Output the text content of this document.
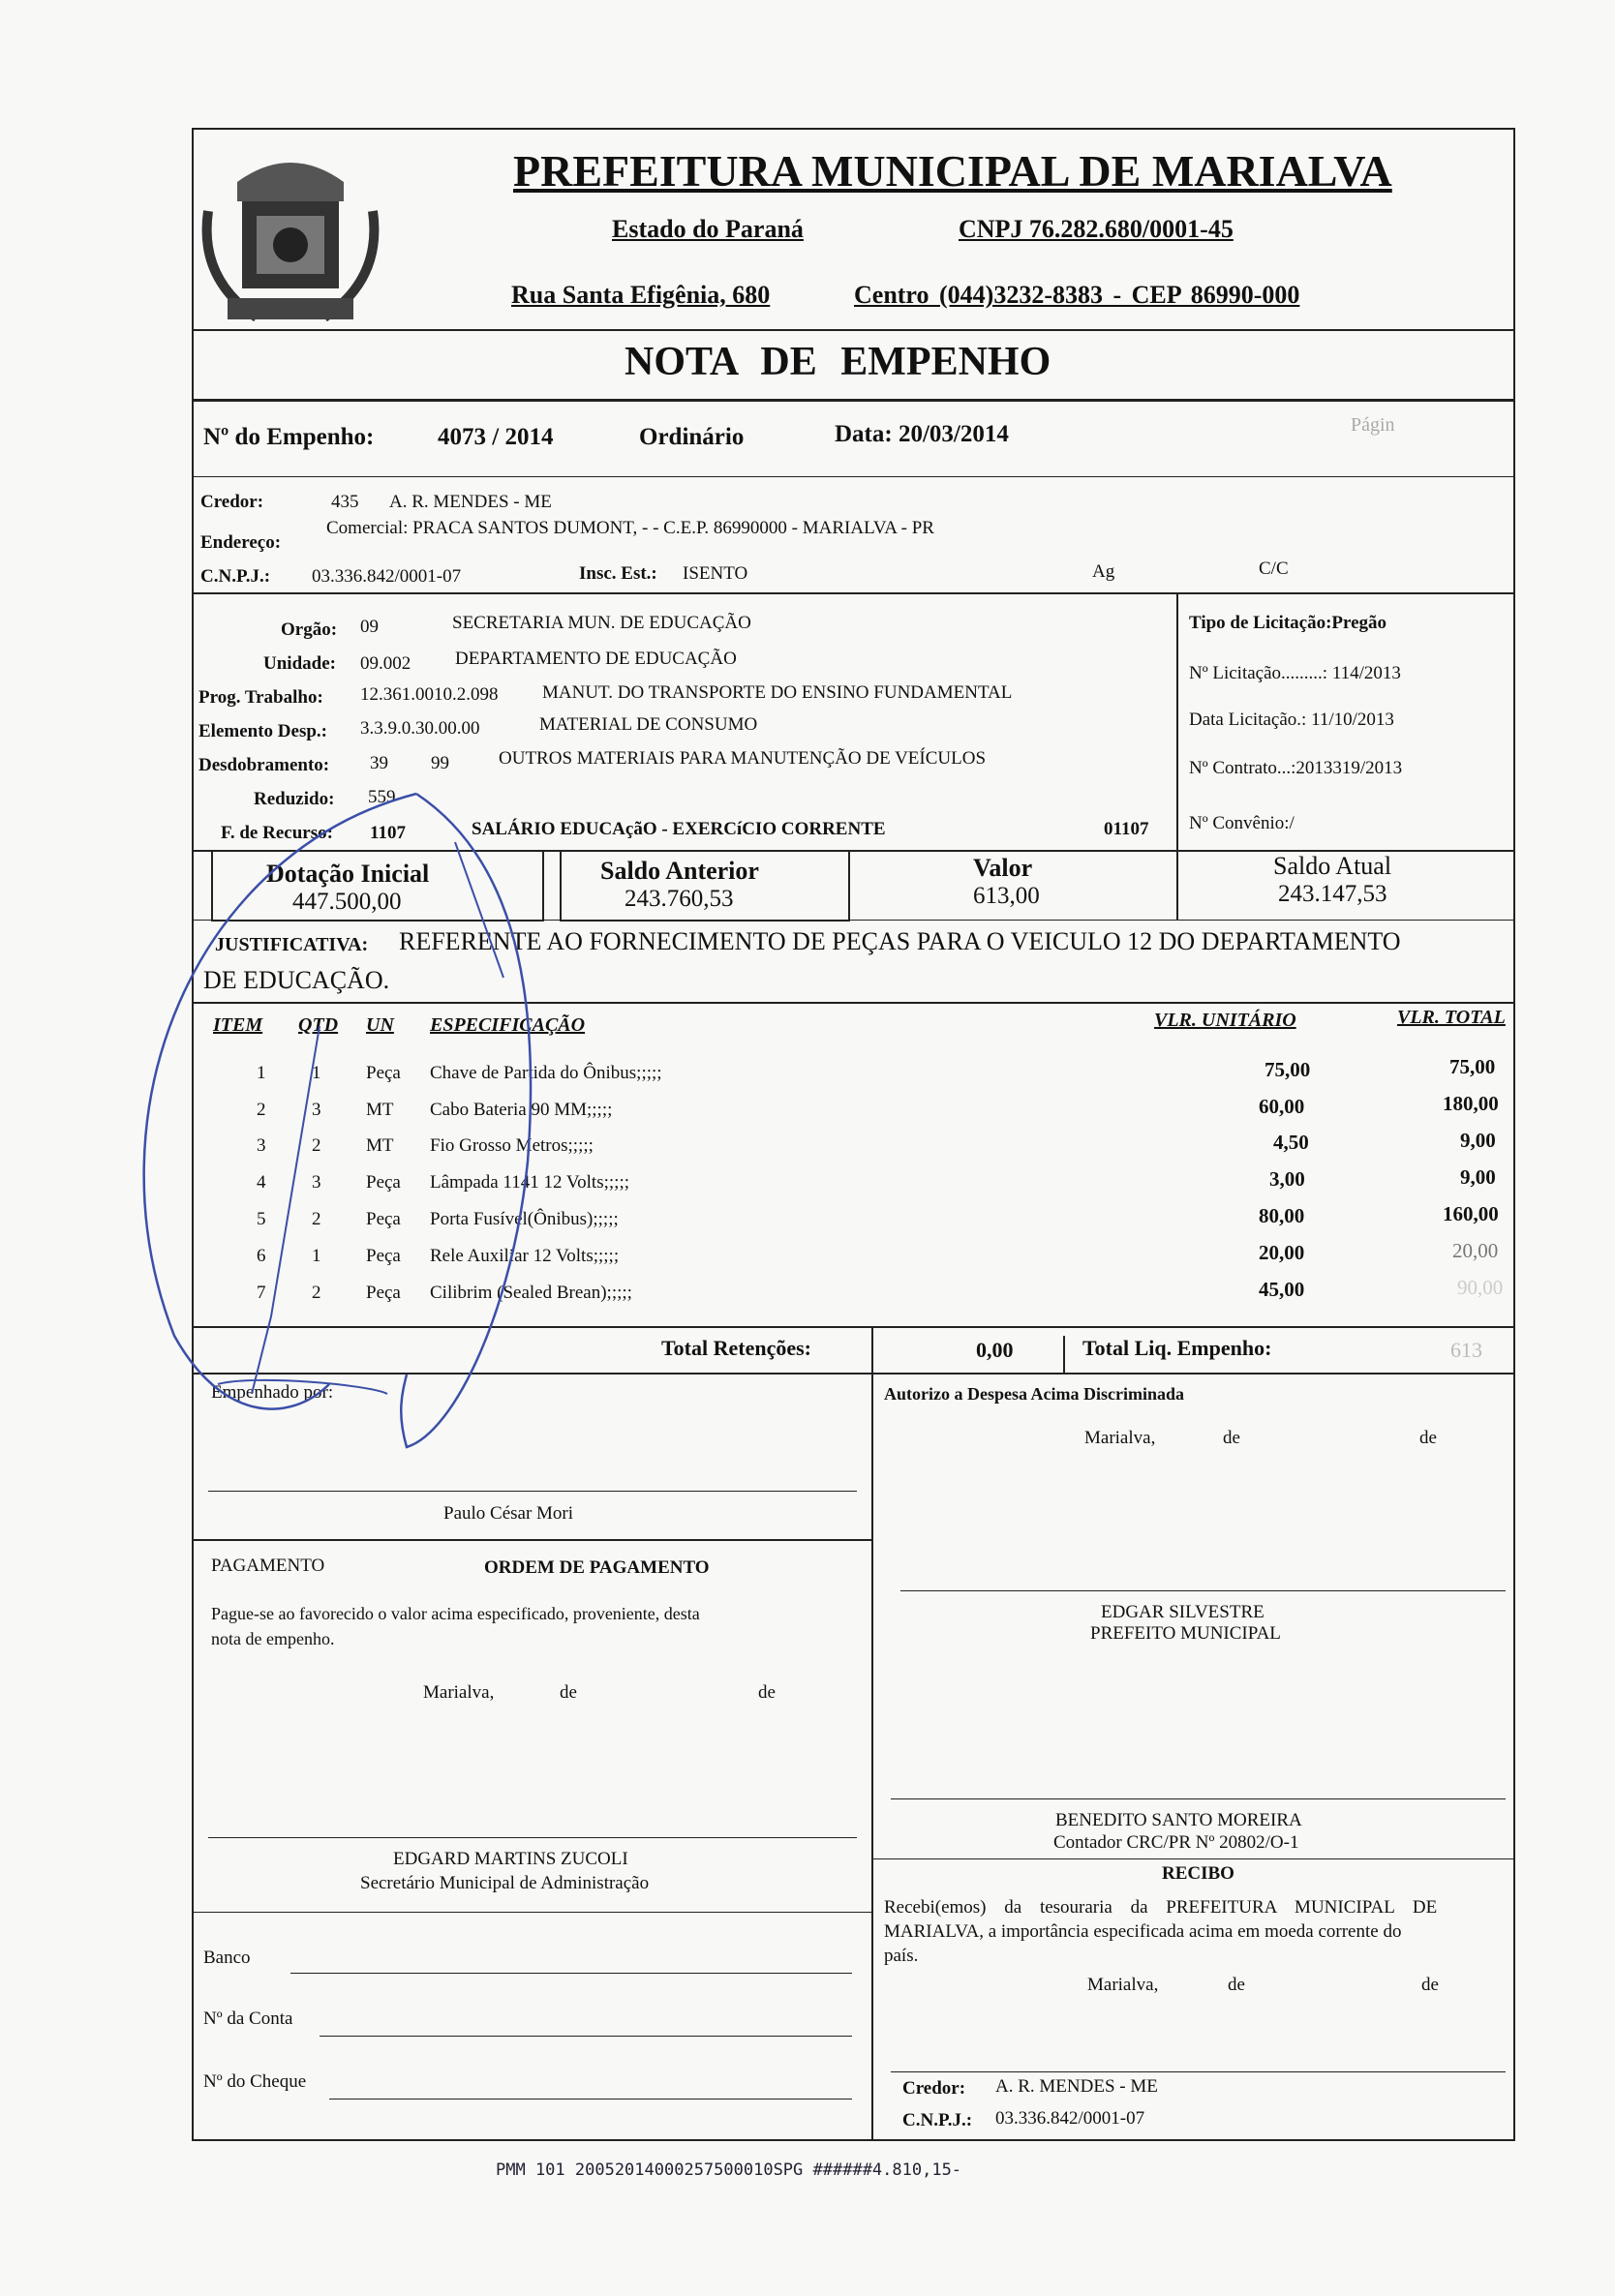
PREFEITURA MUNICIPAL DE MARIALVA
Estado do Paraná	CNPJ 76.282.680/0001-45
Rua Santa Efigênia, 680	Centro (044)3232-8383 - CEP 86990-000
NOTA DE EMPENHO
Nº do Empenho:	4073 / 2014	Ordinário	Data: 20/03/2014	Págin
Credor:	435 A. R. MENDES - ME
Endereço:
Comercial: PRACA SANTOS DUMONT, - - C.E.P. 86990000 - MARIALVA - PR
C.N.P.J.: 03.336.842/0001-07	Insc. Est.: ISENTO	Ag	C/C
Orgão: 09	SECRETARIA MUN. DE EDUCAÇÃO
Unidade: 09.002 DEPARTAMENTO DE EDUCAÇÃO
Prog. Trabalho: 12.361.0010.2.098 MANUT. DO TRANSPORTE DO ENSINO FUNDAMENTAL
Elemento Desp.: 3.3.9.0.30.00.00	MATERIAL DE CONSUMO
Desdobramento: 39 99	OUTROS MATERIAIS PARA MANUTENÇÃO DE VEÍCULOS
Reduzido: 559
F. de Recurso: 1107	SALÁRIO EDUCAçãO - EXERCíCIO CORRENTE	01107
Tipo de Licitação:Pregão
Nº Licitação.........: 114/2013
Data Licitação.: 11/10/2013
Nº Contrato...:2013319/2013
Nº Convênio:/
Dotação Inicial
447.500,00
Saldo Anterior
243.760,53
Valor
613,00
Saldo Atual
243.147,53
JUSTIFICATIVA: REFERENTE AO FORNECIMENTO DE PEÇAS PARA O VEICULO 12 DO DEPARTAMENTO
DE EDUCAÇÃO.
ITEM QTD UN ESPECIFICAÇÃO	VLR. UNITÁRIO	VLR. TOTAL
1	1 Peça Chave de Partida do Ônibus;;;;;	75,00	75,00
2	3 MT Cabo Bateria 90 MM;;;;;	60,00	180,00
3	2 MT Fio Grosso Metros;;;;;	4,50	9,00
4	3 Peça Lâmpada 1141 12 Volts;;;;;	3,00	9,00
5	2 Peça Porta Fusível(Ônibus);;;;;	80,00	160,00
6	1 Peça Rele Auxiliar 12 Volts;;;;;	20,00	20,00
7	2 Peça Cilibrim (Sealed Brean);;;;;	45,00	90,00
Total Retenções:	0,00	Total Liq. Empenho:	613
Empenhado por:
Paulo César Mori
Autorizo a Despesa Acima Discriminada
Marialva,	de	de
PAGAMENTO	ORDEM DE PAGAMENTO
Pague-se ao favorecido o valor acima especificado, proveniente, desta
nota de empenho.
Marialva,	de	de
EDGAR SILVESTRE
PREFEITO MUNICIPAL
BENEDITO SANTO MOREIRA
Contador CRC/PR Nº 20802/O-1
RECIBO
Recebi(emos) da tesouraria da PREFEITURA MUNICIPAL DE
MARIALVA, a importância especificada acima em moeda corrente do
país.
Marialva,	de	de
EDGARD MARTINS ZUCOLI
Secretário Municipal de Administração
Banco
Nº da Conta
Nº do Cheque	Credor: A. R. MENDES - ME
C.N.P.J.: 03.336.842/0001-07
PMM 101 20052014000257500010SPG ######4.810,15-
